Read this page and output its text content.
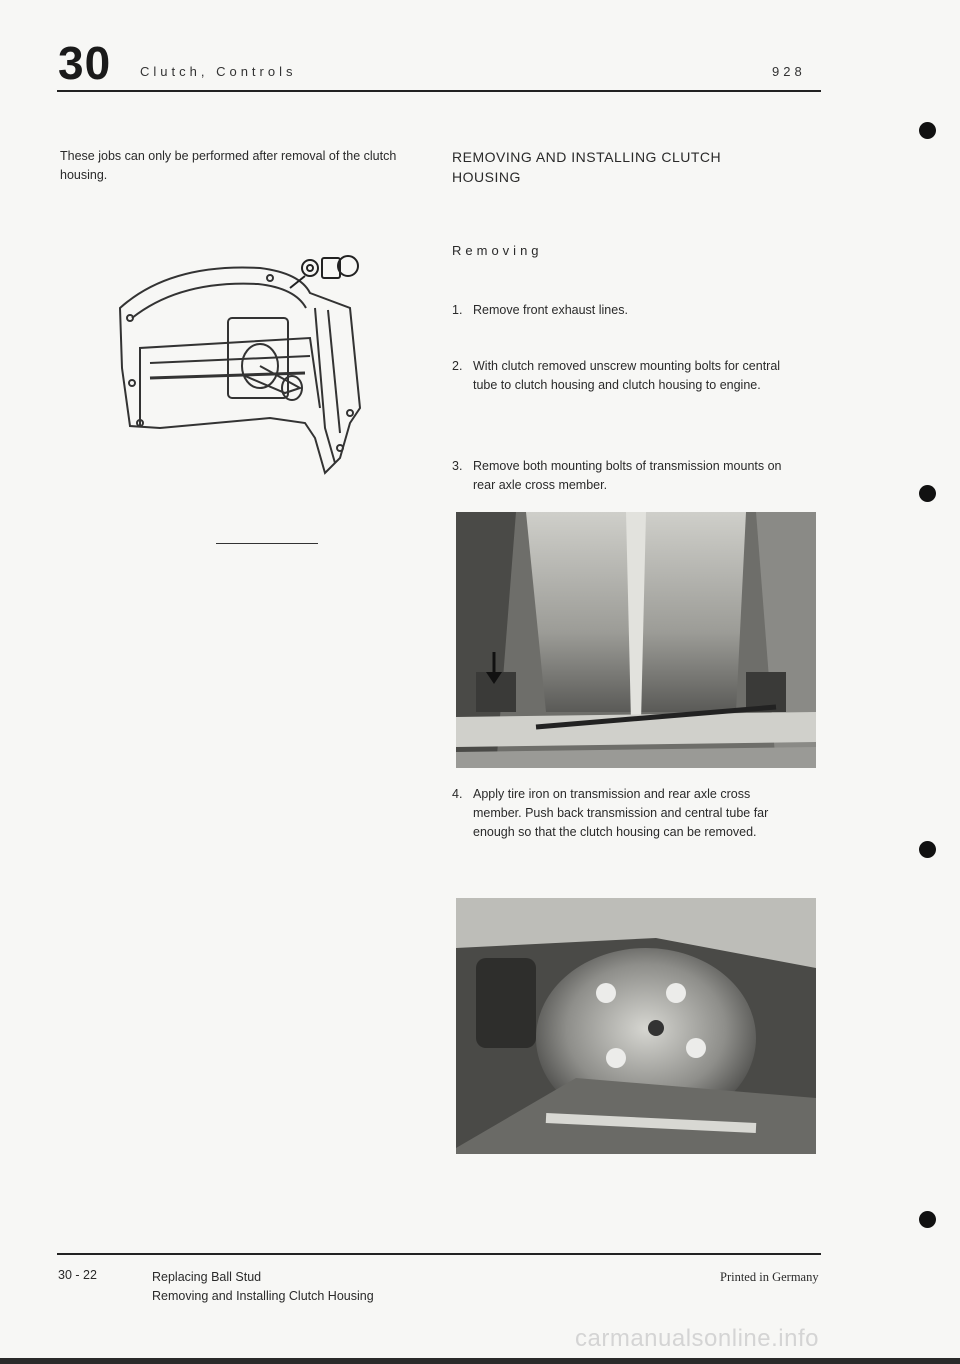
30 Clutch, Controls	928
These jobs can only be performed after removal of the clutch housing.
REMOVING AND INSTALLING CLUTCH HOUSING
Removing
1. Remove front exhaust lines.
2. With clutch removed unscrew mounting bolts for central tube to clutch housing and clutch housing to engine.
3. Remove both mounting bolts of transmission mounts on rear axle cross member.
4. Apply tire iron on transmission and rear axle cross member. Push back transmission and central tube far enough so that the clutch housing can be removed.
30 - 22	Replacing Ball Stud
Removing and Installing Clutch Housing
Printed in Germany
carmanualsonline.info
